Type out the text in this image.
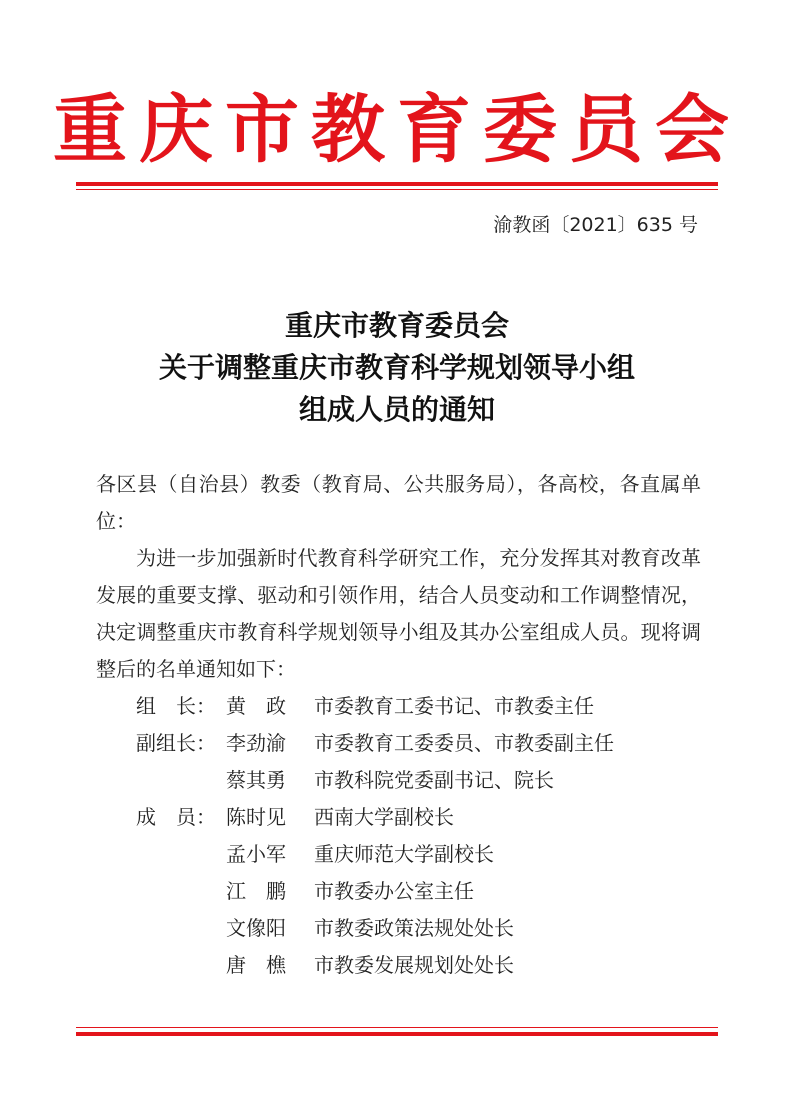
重庆市教育委员会
渝教函〔2021〕635 号
重庆市教育委员会
关于调整重庆市教育科学规划领导小组
组成人员的通知
各区县（自治县）教委（教育局、公共服务局），各高校，各直属单位：
为进一步加强新时代教育科学研究工作，充分发挥其对教育改革发展的重要支撑、驱动和引领作用，结合人员变动和工作调整情况，决定调整重庆市教育科学规划领导小组及其办公室组成人员。现将调整后的名单通知如下：
组　长： 黄　政	市委教育工委书记、市教委主任
副组长： 李劲渝	市委教育工委委员、市教委副主任
蔡其勇	市教科院党委副书记、院长
成　员： 陈时见	西南大学副校长
孟小军	重庆师范大学副校长
江　鹏	市教委办公室主任
文像阳	市教委政策法规处处长
唐　樵	市教委发展规划处处长
